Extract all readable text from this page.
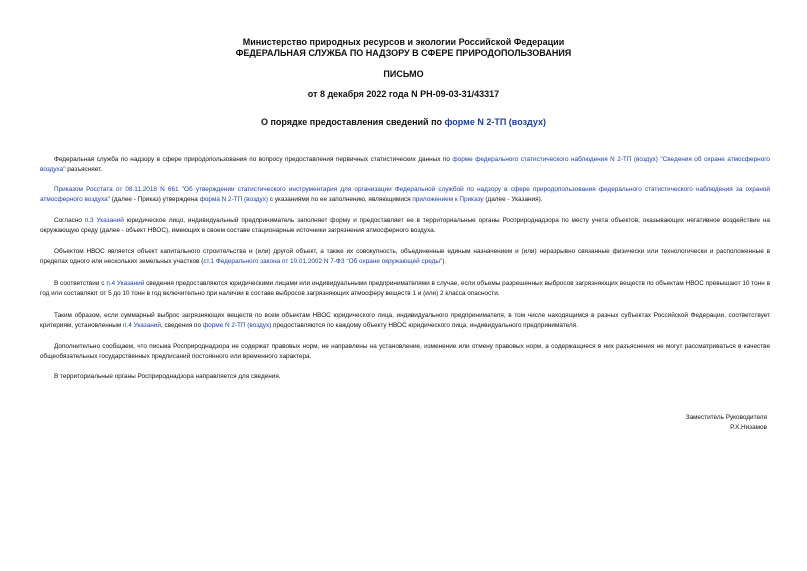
Министерство природных ресурсов и экологии Российской Федерации
ФЕДЕРАЛЬНАЯ СЛУЖБА ПО НАДЗОРУ В СФЕРЕ ПРИРОДОПОЛЬЗОВАНИЯ
ПИСЬМО
от 8 декабря 2022 года N РН-09-03-31/43317
О порядке предоставления сведений по форме N 2-ТП (воздух)
Федеральная служба по надзору в сфере природопользования по вопросу предоставления первичных статистических данных по форме федерального статистического наблюдения N 2-ТП (воздух) "Сведения об охране атмосферного воздуха" разъясняет.
Приказом Росстата от 08.11.2018 N 661 "Об утверждении статистического инструментария для организации Федеральной службой по надзору в сфере природопользования федерального статистического наблюдения за охраной атмосферного воздуха" (далее - Приказ) утверждена форма N 2-ТП (воздух) с указаниями по ее заполнению, являющимися приложением к Приказу (далее - Указания).
Согласно п.3 Указаний юридическое лицо, индивидуальный предприниматель заполняет форму и предоставляет ее в территориальные органы Росприроднадзора по месту учета объектов, оказывающих негативное воздействие на окружающую среду (далее - объект НВОС), имеющих в своем составе стационарные источники загрязнения атмосферного воздуха.
Объектом НВОС является объект капитального строительства и (или) другой объект, а также их совокупность, объединенные единым назначением и (или) неразрывно связанные физически или технологически и расположенные в пределах одного или нескольких земельных участков (ст.1 Федерального закона от 10.01.2002 N 7-ФЗ "Об охране окружающей среды").
В соответствии с п.4 Указаний сведения предоставляются юридическими лицами или индивидуальными предпринимателями в случае, если объемы разрешенных выбросов загрязняющих веществ по объектам НВОС превышают 10 тонн в год или составляют от 5 до 10 тонн в год включительно при наличии в составе выбросов загрязняющих атмосферу веществ 1 и (или) 2 класса опасности.
Таким образом, если суммарный выброс загрязняющих веществ по всем объектам НВОС юридического лица, индивидуального предпринимателя, в том числе находящимся в разных субъектах Российской Федерации, соответствует критериям, установленным п.4 Указаний, сведения по форме N 2-ТП (воздух) предоставляются по каждому объекту НВОС юридического лица, индивидуального предпринимателя.
Дополнительно сообщаем, что письма Росприроднадзора не содержат правовых норм, не направлены на установление, изменение или отмену правовых норм, а содержащиеся в них разъяснения не могут рассматриваться в качестве общеобязательных государственных предписаний постоянного или временного характера.
В территориальные органы Росприроднадзора направляется для сведения.
Заместитель Руководителя
Р.Х.Низамов
